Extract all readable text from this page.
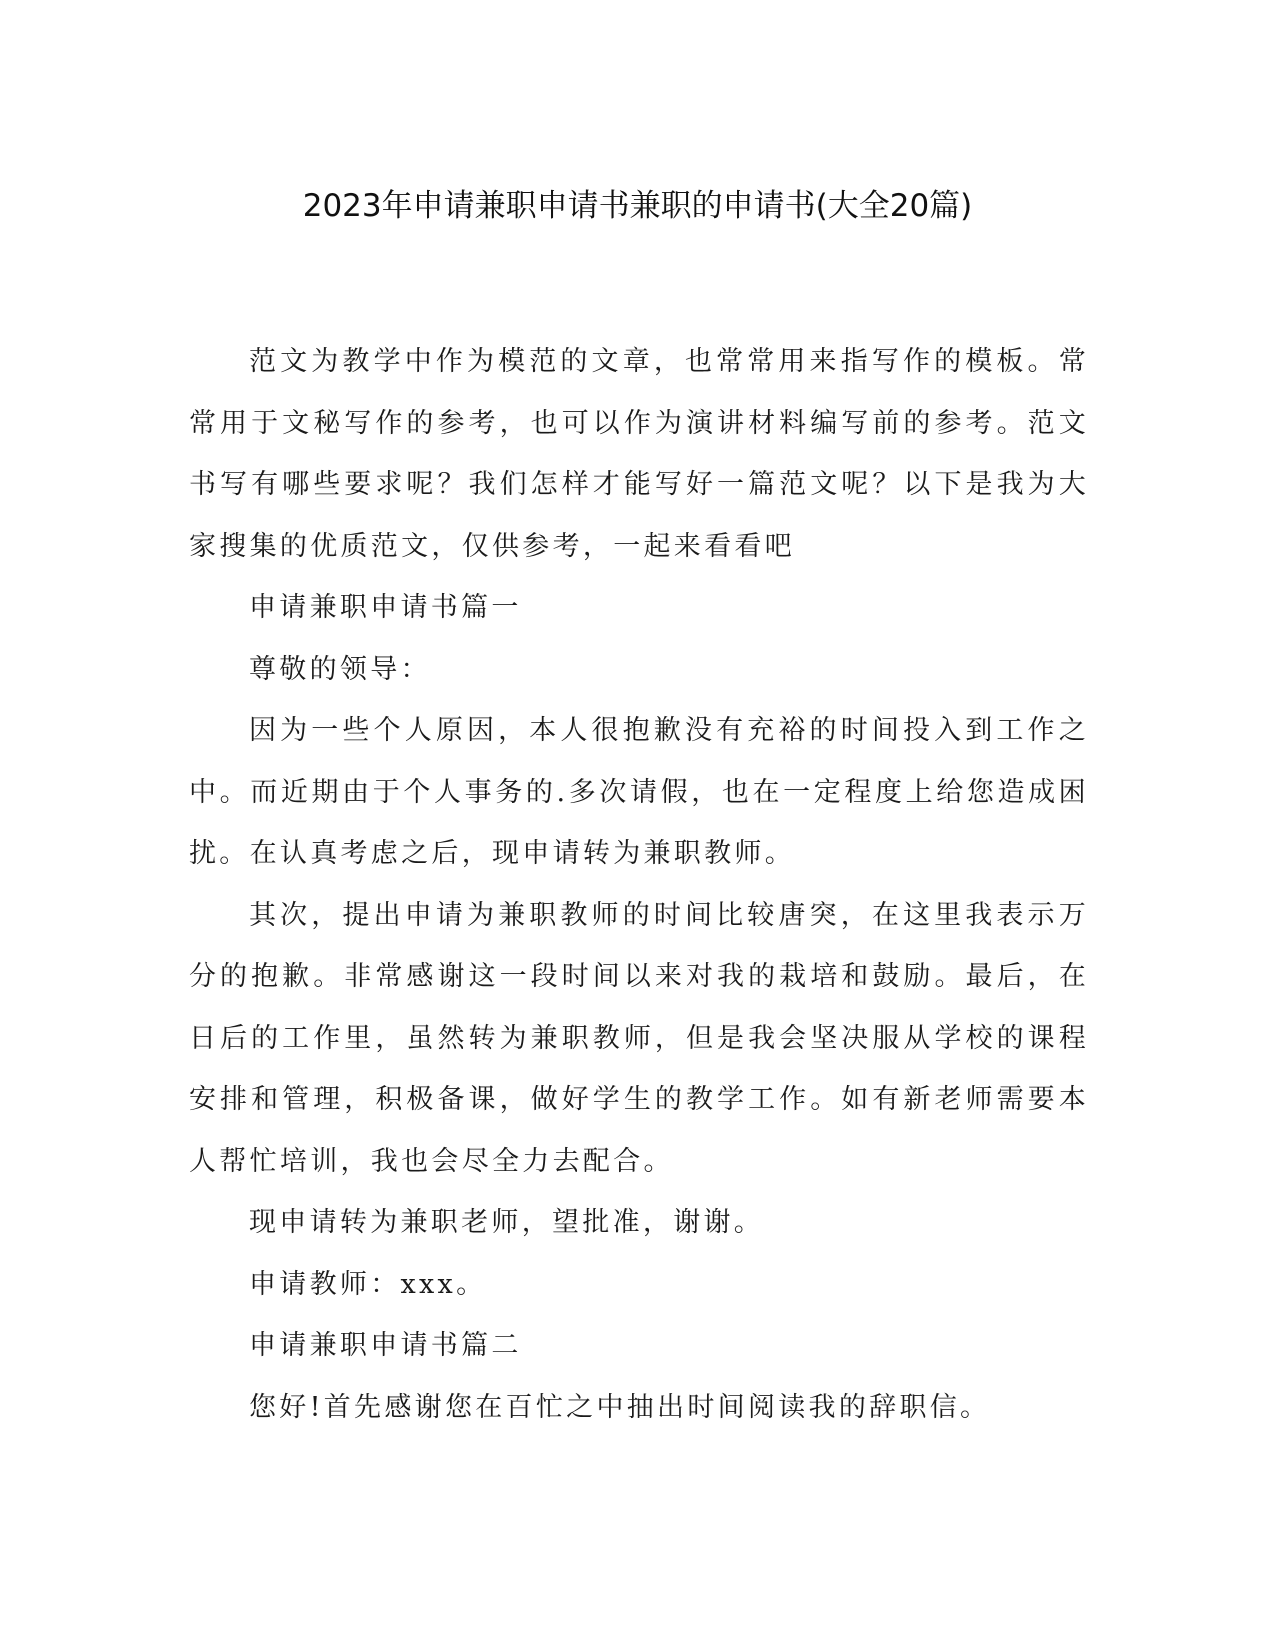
2023年申请兼职申请书兼职的申请书(大全20篇)

范文为教学中作为模范的文章，也常常用来指写作的模板。常常用于文秘写作的参考，也可以作为演讲材料编写前的参考。范文书写有哪些要求呢？我们怎样才能写好一篇范文呢？以下是我为大家搜集的优质范文，仅供参考，一起来看看吧

申请兼职申请书篇一

尊敬的领导：

因为一些个人原因，本人很抱歉没有充裕的时间投入到工作之中。而近期由于个人事务的.多次请假，也在一定程度上给您造成困扰。在认真考虑之后，现申请转为兼职教师。

其次，提出申请为兼职教师的时间比较唐突，在这里我表示万分的抱歉。非常感谢这一段时间以来对我的栽培和鼓励。最后，在日后的工作里，虽然转为兼职教师，但是我会坚决服从学校的课程安排和管理，积极备课，做好学生的教学工作。如有新老师需要本人帮忙培训，我也会尽全力去配合。

现申请转为兼职老师，望批准，谢谢。

申请教师：xxx。

申请兼职申请书篇二

您好!首先感谢您在百忙之中抽出时间阅读我的辞职信。
